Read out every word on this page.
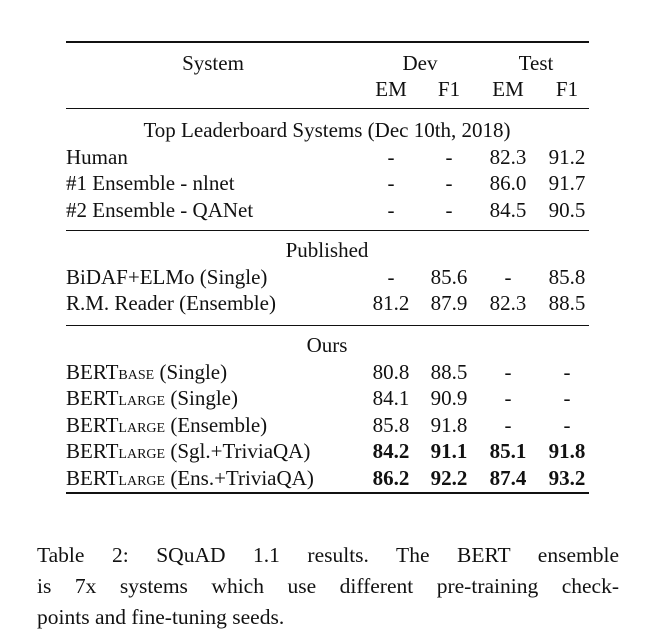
System	Dev	Test
EM F1 EM F1
Top Leaderboard Systems (Dec 10th, 2018)
Human	- - 82.3 91.2
#1 Ensemble - nlnet	- - 86.0 91.7
#2 Ensemble - QANet	- - 84.5 90.5
Published
BiDAF+ELMo (Single)	- 85.6 - 85.8
R.M. Reader (Ensemble)	81.2 87.9 82.3 88.5
Ours
BERTBASE (Single)	80.8 88.5 - -
BERTLARGE (Single)	84.1 90.9 - -
BERTLARGE (Ensemble)	85.8 91.8 - -
BERTLARGE (Sgl.+TriviaQA)	84.2 91.1 85.1 91.8
BERTLARGE (Ens.+TriviaQA)	86.2 92.2 87.4 93.2
Table 2: SQuAD 1.1 results. The BERT ensemble
is 7x systems which use different pre-training check-
points and fine-tuning seeds.
